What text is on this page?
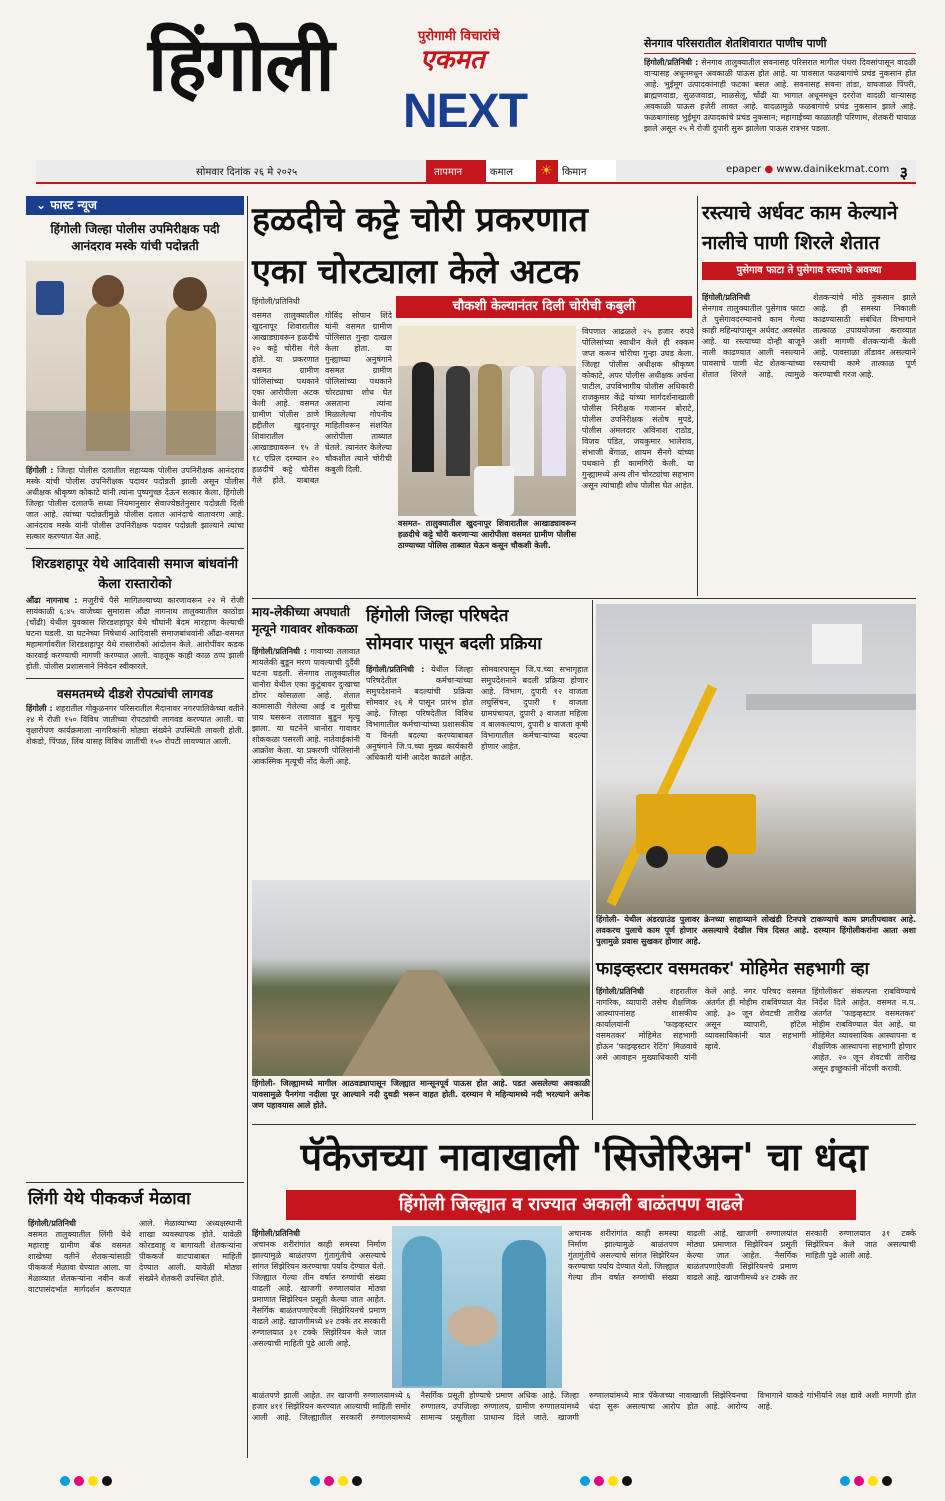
हिंगोली	पुरोगामी विचारांचे
एकमत
NEXT
सेनगाव परिसरातील शेतशिवारात पाणीच पाणी
हिंगोली/प्रतिनिधी : सेनगाव तालुक्यातील सवनासह परिसरात मागील पंधरा दिवसांपासून वादळी वाऱ्यासह अधूनमधून अवकाळी पाऊस होत आहे. या पावसात फळबागांचे प्रचंड नुकसान होत आहे. भुईमूग उत्पादकांनाही फटका बसत आहे. सवनासह सवना तांडा, वाघजाळ पिंपरी, ब्राह्मणवाडा, सुळजवाडा, माळसेलू, चोंढी या भागात अधूनमधून दररोज वादळी वाऱ्यासह अवकाळी पाऊस हजेरी लावत आहे. वादळामुळे फळबागांचे प्रचंड नुकसान झाले आहे. फळबागांसह भुईमूग उत्पादकांचे प्रचंड नुकसान; महागाईच्या काळातही परिणाम, शेतकरी घायाळ झाले असून २५ मे रोजी दुपारी सुरू झालेला पाऊस रात्रभर पडला.
सोमवार दिनांक २६ मे २०२५	तापमान	कमाल ☀ किमान	epaper ● www.dainikekmat.com ३
⌄ फास्ट न्यूज
हिंगोली जिल्हा पोलीस उपमिरीक्षक पदी आनंदराव मस्के यांची पदोन्नती
हिंगोली : जिल्हा पोलीस दलातील सहाय्यक पोलीस उपनिरीक्षक आनंदराव मस्के यांची पोलीस उपनिरीक्षक पदावर पदोन्नती झाली असून पोलीस अधीक्षक श्रीकृष्ण कोकाटे यांनी त्यांना पुष्पगुच्छ देऊन सत्कार केला. हिंगोली जिल्हा पोलीस दलातर्फे सध्या नियमानुसार सेवाज्येष्ठतेनुसार पदोन्नती दिली जात आहे. त्यांच्या पदोन्नतीमुळे पोलीस दलात आनंदाचे वातावरण आहे. आनंदराव मस्के यांनी पोलीस उपनिरीक्षक पदावर पदोन्नती झाल्याने त्यांचा सत्कार करण्यात येत आहे.
शिरडशहापूर येथे आदिवासी समाज बांधवांनी केला रास्तारोको
औंढा नागनाथ : मजुरीचे पैसे मागितल्याच्या कारणावरून २२ मे रोजी सायंकाळी ६:४५ वाजेच्या सुमारास औंढा नागनाथ तालुक्यातील काठोडा (चोंढी) येथील युवकास शिरडशहापूर येथे चौघांनी बेदम मारहाण केल्याची घटना घडली. या घटनेच्या निषेधार्थ आदिवासी समाजबांधवांनी औंढा-वसमत महामार्गावरील शिरडशहापूर येथे रास्तारोको आंदोलन केले. आरोपींवर कडक कारवाई करण्याची मागणी करण्यात आली. वाहतूक काही काळ ठप्प झाली होती. पोलीस प्रशासनाने निवेदन स्वीकारले.
वसमतमध्ये दीडशे रोपट्यांची लागवड
हिंगोली : शहरातील गोकुळनगर परिसरातील मैदानावर नगरपालिकेच्या वतीने २४ मे रोजी १५० विविध जातीच्या रोपट्यांची लागवड करण्यात आली. या वृक्षारोपण कार्यक्रमाला नागरिकांनी मोठ्या संख्येने उपस्थिती लावली होती. शेकडो, पिंपळ, लिंब यासह विविध जातींची १५० रोपटी लावण्यात आली.
लिंगी येथे पीककर्ज मेळावा
हिंगोली/प्रतिनिधी
वसमत तालुक्यातील लिंगी येथे महाराष्ट्र ग्रामीण बँक वसमत शाखेच्या वतीने शेतकऱ्यांसाठी पीककर्ज मेळावा घेण्यात आला. या मेळाव्यात शेतकऱ्यांना नवीन कर्ज वाटपासंदर्भात मार्गदर्शन करण्यात आले. मेळाव्याच्या अध्यक्षस्थानी शाखा व्यवस्थापक होते. यावेळी कोरडवाहू व बागायती शेतकऱ्यांना पीककर्ज वाटपाबाबत माहिती देण्यात आली. यावेळी मोठ्या संख्येने शेतकरी उपस्थित होते.
हळदीचे कट्टे चोरी प्रकरणात
एका चोरट्याला केले अटक
चौकशी केल्यानंतर दिली चोरीची कबुली
हिंगोली/प्रतिनिधी
वसमत तालुक्यातील खुदनापूर शिवारातील आखाड्यावरून हळदीचे २० कट्टे चोरीस गेले होते. या प्रकरणात वसमत ग्रामीण पोलिसांच्या पथकाने एका आरोपीला अटक केली आहे. वसमत ग्रामीण पोलीस ठाणे हद्दीतील खुदनापूर शिवारातील आखाड्यावरून १५ ते १८ एप्रिल दरम्यान २० हळदीचे कट्टे चोरीस गेले होते. याबाबत गोविंद सोपान शिंदे यांनी वसमत ग्रामीण पोलिसात गुन्हा दाखल केला होता. या गुन्ह्याच्या अनुषंगाने वसमत ग्रामीण पोलिसांच्या पथकाने चोरट्याचा शोध घेत असताना त्यांना मिळालेल्या गोपनीय माहितीवरून संशयित आरोपीला ताब्यात घेतले. त्यानंतर केलेल्या चौकशीत त्याने चोरीची कबुली दिली.
वसमत- तालुक्यातील खुदनापूर शिवारातील आखाड्यावरून हळदीचे कट्टे चोरी करणाऱ्या आरोपीला वसमत ग्रामीण पोलीस ठाण्याच्या पोलिस ताब्यात घेऊन कसून चौकशी केली.
विपणात आढळले २५ हजार रुपये पोलिसांच्या स्वाधीन केले ही रक्कम जप्त करून चोरीचा गुन्हा उघड केला. जिल्हा पोलीस अधीक्षक श्रीकृष्ण कोकाटे, अपर पोलीस अधीक्षक अर्चना पाटील, उपविभागीय पोलीस अधिकारी राजकुमार केंद्रे यांच्या मार्गदर्शनाखाली पोलीस निरीक्षक गजानन बोराटे, पोलीस उपनिरीक्षक संतोष मुपडे, पोलीस अंमलदार अविनाश राठोड, विजय पंडित, जयकुमार भालेराव, संभाजी बेंगाळ, शायम सैनगे यांच्या पथकाने ही कामगिरी केली. या गुन्ह्यामध्ये अन्य तीन चोरट्यांचा सहभाग असून त्यांचाही शोध पोलीस घेत आहेत.
रस्त्याचे अर्धवट काम केल्याने नालीचे पाणी शिरले शेतात
पुसेगाव फाटा ते पुसेगाव रस्त्याचे अवस्था
हिंगोली/प्रतिनिधी
सेनगाव तालुक्यातील पुसेगाव फाटा ते पुसेगावदरम्यानचे काम गेल्या काही महिन्यांपासून अर्धवट अवस्थेत आहे. या रस्त्याच्या दोन्ही बाजूने नाली काढण्यात आली नसल्याने पावसाचे पाणी थेट शेतकऱ्यांच्या शेतात शिरले आहे. त्यामुळे शेतकऱ्यांचे मोठे नुकसान झाले आहे. ही समस्या निकाली काढण्यासाठी संबंधित विभागाने तात्काळ उपाययोजना कराव्यात अशी मागणी शेतकऱ्यांनी केली आहे. पावसाळा तोंडावर असल्याने रस्त्याची कामे तात्काळ पूर्ण करण्याची गरज आहे.
माय-लेकीच्या अपघाती मृत्यूने गावावर शोककळा
हिंगोली/प्रतिनिधी : गावाच्या तलावात मायलेकी बुडून मरण पावल्याची दुर्दैवी घटना घडली. सेनगाव तालुक्यातील धानोरा येथील एका कुटुंबावर दुःखाचा डोंगर कोसळला आहे. शेतात कामासाठी गेलेल्या आई व मुलीचा पाय घसरून तलावात बुडून मृत्यू झाला. या घटनेने धानोरा गावावर शोककळा पसरली आहे. नातेवाईकांनी आक्रोश केला. या प्रकरणी पोलिसांनी आकस्मिक मृत्यूची नोंद केली आहे.
हिंगोली जिल्हा परिषदेत
सोमवार पासून बदली प्रक्रिया
हिंगोली/प्रतिनिधी : येथील जिल्हा परिषदेतील कर्मचाऱ्यांच्या समुपदेशनाने बदल्यांची प्रक्रिया सोमवार २६ मे पासून प्रारंभ होत आहे. जिल्हा परिषदेतील विविध विभागातील कर्मचाऱ्यांच्या प्रशासकीय व विनंती बदल्या करण्याबाबत अनुषंगाने जि.प.च्या मुख्य कार्यकारी अधिकारी यांनी आदेश काढले आहेत. सोमवारपासून जि.प.च्या सभागृहात समुपदेशनाने बदली प्रक्रिया होणार आहे. विभाग, दुपारी १२ वाजता लघुसिंचन, दुपारी १ वाजता ग्रामपंचायत, दुपारी ३ वाजता महिला व बालकल्याण, दुपारी ४ वाजता कृषी विभागातील कर्मचाऱ्यांच्या बदल्या होणार आहेत.
हिंगोली- येथील अंडरग्राउंड पुलावर क्रेनच्या साहाय्याने लोखंडी टिनपत्रे टाकण्याचे काम प्रगतीपथावर आहे. लवकरच पुलाचे काम पूर्ण होणार असल्याचे देखील चित्र दिसत आहे. दरम्यान हिंगोलीकरांना आता अशा पुलामुळे प्रवास सुखकर होणार आहे.
हिंगोली- जिल्ह्यामध्ये मागील आठवड्यापासून जिल्ह्यात मान्सूनपूर्व पाऊस होत आहे. पडत असलेल्या अवकाळी पावसामुळे पैनगंगा नदीला पूर आल्याने नदी दुथडी भरून वाहत होती. दरम्यान मे महिन्यामध्ये नदी भरल्याने अनेक जण पहावयास आले होते.
फाइव्हस्टार वसमतकर' मोहिमेत सहभागी व्हा
हिंगोली/प्रतिनिधी	शहरातील नागरिक, व्यापारी तसेच शैक्षणिक आस्थापनांसह शासकीय कार्यालयांनी 'फाइव्हस्टार वसमतकर' मोहिमेत सहभागी होऊन 'फाइव्हस्टार रेटिंग' मिळवावे असे आवाहन मुख्याधिकारी यांनी केले आहे. नगर परिषद वसमत अंतर्गत ही मोहीम राबविण्यात येत आहे. ३० जून शेवटची तारीख असून व्यापारी, हॉटेल व्यावसायिकांनी यात सहभागी व्हावे.
हिंगोलीकर' संकल्पना राबविण्याचे निर्देश दिले आहेत. वसमत न.प. अंतर्गत 'फाइव्हस्टार वसमतकर' मोहीम राबविण्यात येत आहे. या मोहिमेत व्यावसायिक आस्थापना व शैक्षणिक आस्थापना सहभागी होणार आहेत. २० जून शेवटची तारीख असून इच्छुकांनी नोंदणी करावी.
पॅकेजच्या नावाखाली 'सिजेरिअन' चा धंदा
हिंगोली जिल्ह्यात व राज्यात अकाली बाळंतपण वाढले
हिंगोली/प्रतिनिधी
अचानक शरीरांगांत काही समस्या निर्माण झाल्यामुळे बाळंतपण गुंतागुंतीचे असल्याचे सांगत सिझेरियन करण्याचा पर्याय देण्यात येतो. जिल्ह्यात गेल्या तीन वर्षात रुग्णांची संख्या वाढली आहे. खाजगी रुग्णालयांत मोठ्या प्रमाणात सिझेरियन प्रसूती केल्या जात आहेत. नैसर्गिक बाळंतपणाऐवजी सिझेरियनचे प्रमाण वाढले आहे. खाजगीमध्ये ४२ टक्के तर सरकारी रुग्णालयात ३१ टक्के सिझेरियन केले जात असल्याची माहिती पुढे आली आहे.
बाळंतपणे झाली आहेत. तर खाजगी रुग्णालयामध्ये ६ हजार ४११ सिझेरियन करण्यात आल्याची माहिती समोर आली आहे. जिल्ह्यातील सरकारी रुग्णालयामध्ये नैसर्गिक प्रसूती होण्याचे प्रमाण अधिक आहे. जिल्हा रुग्णालय, उपजिल्हा रुग्णालय, ग्रामीण रुग्णालयांमध्ये सामान्य प्रसूतीला प्राधान्य दिले जाते. खाजगी रुग्णालयांमध्ये मात्र पॅकेजच्या नावाखाली सिझेरियनचा धंदा सुरू असल्याचा आरोप होत आहे. आरोग्य विभागाने याकडे गांभीर्याने लक्ष द्यावे अशी मागणी होत आहे.
अचानक शरीरांगांत काही समस्या निर्माण झाल्यामुळे बाळंतपण गुंतागुंतीचे असल्याचे सांगत सिझेरियन करण्याचा पर्याय देण्यात येतो. जिल्ह्यात गेल्या तीन वर्षात रुग्णांची संख्या वाढली आहे. खाजगी रुग्णालयांत मोठ्या प्रमाणात सिझेरियन प्रसूती केल्या जात आहेत. नैसर्गिक बाळंतपणाऐवजी सिझेरियनचे प्रमाण वाढले आहे. खाजगीमध्ये ४२ टक्के तर सरकारी रुग्णालयात ३१ टक्के सिझेरियन केले जात असल्याची माहिती पुढे आली आहे.
